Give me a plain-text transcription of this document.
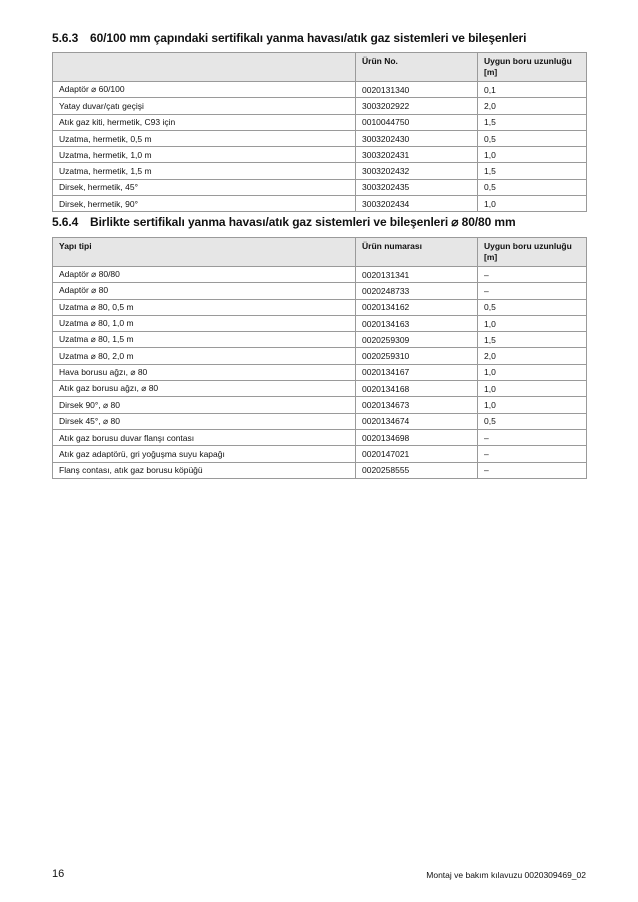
5.6.3 60/100 mm çapındaki sertifikalı yanma havası/atık gaz sistemleri ve bileşenleri
	Ürün No.	Uygun boru uzunluğu [m]
Adaptör ⌀ 60/100	0020131340	0,1
Yatay duvar/çatı geçişi	3003202922	2,0
Atık gaz kiti, hermetik, C93 için	0010044750	1,5
Uzatma, hermetik, 0,5 m	3003202430	0,5
Uzatma, hermetik, 1,0 m	3003202431	1,0
Uzatma, hermetik, 1,5 m	3003202432	1,5
Dirsek, hermetik, 45°	3003202435	0,5
Dirsek, hermetik, 90°	3003202434	1,0
5.6.4 Birlikte sertifikalı yanma havası/atık gaz sistemleri ve bileşenleri ⌀ 80/80 mm
Yapı tipi	Ürün numarası	Uygun boru uzunluğu [m]
Adaptör ⌀ 80/80	0020131341	–
Adaptör ⌀ 80	0020248733	–
Uzatma ⌀ 80, 0,5 m	0020134162	0,5
Uzatma ⌀ 80, 1,0 m	0020134163	1,0
Uzatma ⌀ 80, 1,5 m	0020259309	1,5
Uzatma ⌀ 80, 2,0 m	0020259310	2,0
Hava borusu ağzı, ⌀ 80	0020134167	1,0
Atık gaz borusu ağzı, ⌀ 80	0020134168	1,0
Dirsek 90°, ⌀ 80	0020134673	1,0
Dirsek 45°, ⌀ 80	0020134674	0,5
Atık gaz borusu duvar flanşı contası	0020134698	–
Atık gaz adaptörü, gri yoğuşma suyu kapağı	0020147021	–
Flanş contası, atık gaz borusu köpüğü	0020258555	–
16	Montaj ve bakım kılavuzu 0020309469_02
